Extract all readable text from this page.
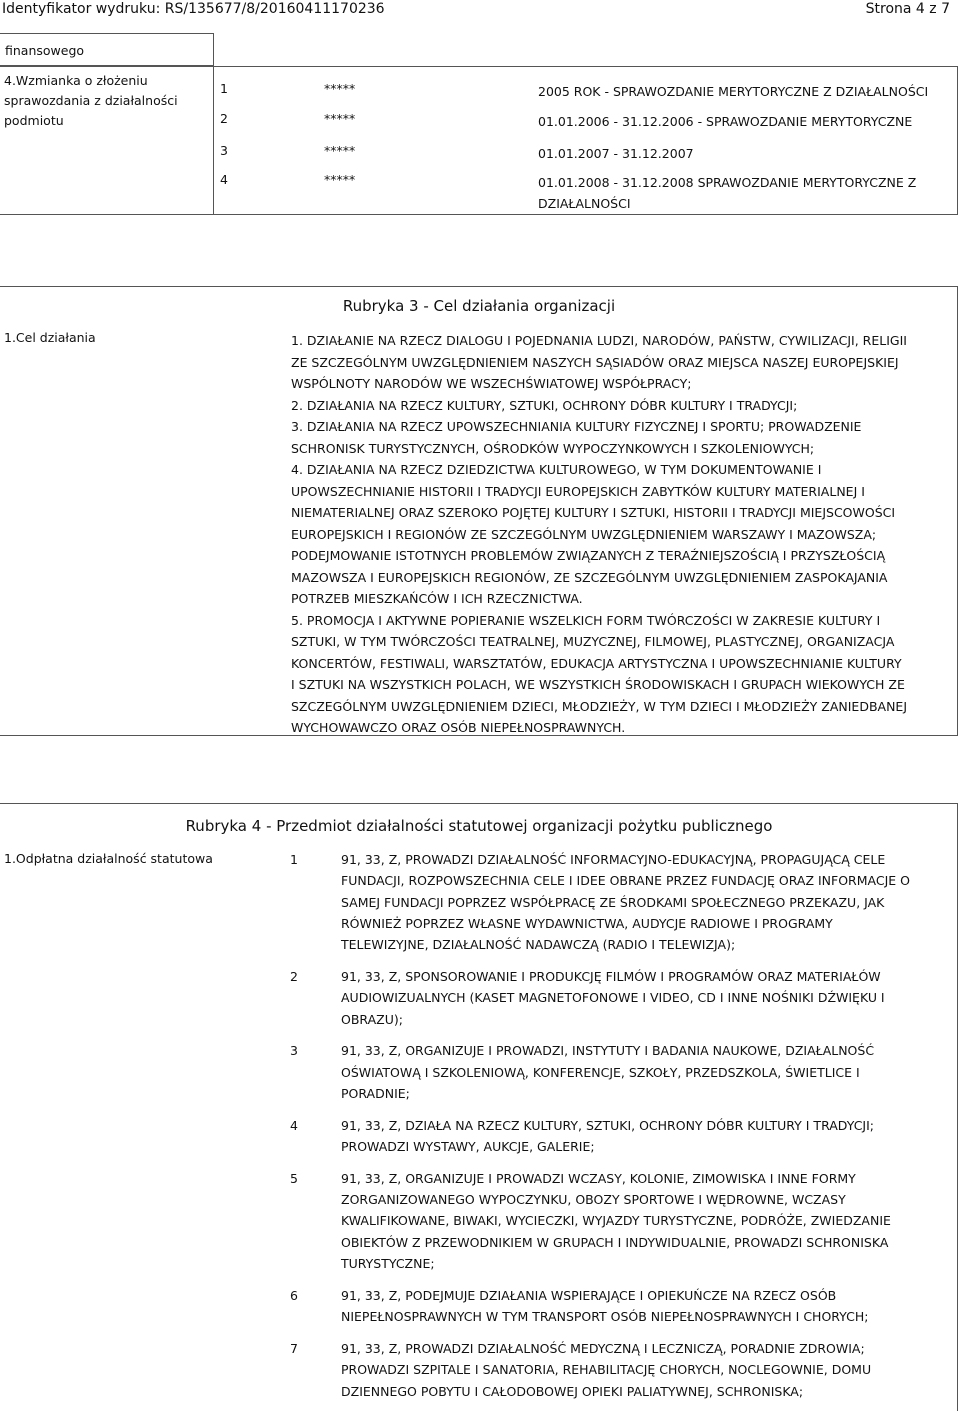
Identyfikator wydruku: RS/135677/8/20160411170236	Strona 4 z 7
finansowego
4.Wzmianka o złożeniu
sprawozdania z działalności
podmiotu
1	*****	2005 ROK - SPRAWOZDANIE MERYTORYCZNE Z DZIAŁALNOŚCI
2	*****	01.01.2006 - 31.12.2006 - SPRAWOZDANIE MERYTORYCZNE
3	*****	01.01.2007 - 31.12.2007
4	*****	01.01.2008 - 31.12.2008 SPRAWOZDANIE MERYTORYCZNE Z DZIAŁALNOŚCI
Rubryka 3 - Cel działania organizacji
1.Cel działania	1. DZIAŁANIE NA RZECZ DIALOGU I POJEDNANIA LUDZI, NARODÓW, PAŃSTW, CYWILIZACJI, RELIGII
ZE SZCZEGÓLNYM UWZGLĘDNIENIEM NASZYCH SĄSIADÓW ORAZ MIEJSCA NASZEJ EUROPEJSKIEJ
WSPÓLNOTY NARODÓW WE WSZECHŚWIATOWEJ WSPÓŁPRACY;
2. DZIAŁANIA NA RZECZ KULTURY, SZTUKI, OCHRONY DÓBR KULTURY I TRADYCJI;
3. DZIAŁANIA NA RZECZ UPOWSZECHNIANIA KULTURY FIZYCZNEJ I SPORTU; PROWADZENIE
SCHRONISK TURYSTYCZNYCH, OŚRODKÓW WYPOCZYNKOWYCH I SZKOLENIOWYCH;
4. DZIAŁANIA NA RZECZ DZIEDZICTWA KULTUROWEGO, W TYM DOKUMENTOWANIE I
UPOWSZECHNIANIE HISTORII I TRADYCJI EUROPEJSKICH ZABYTKÓW KULTURY MATERIALNEJ I
NIEMATERIALNEJ ORAZ SZEROKO POJĘTEJ KULTURY I SZTUKI, HISTORII I TRADYCJI MIEJSCOWOŚCI
EUROPEJSKICH I REGIONÓW ZE SZCZEGÓLNYM UWZGLĘDNIENIEM WARSZAWY I MAZOWSZA;
PODEJMOWANIE ISTOTNYCH PROBLEMÓW ZWIĄZANYCH Z TERAŹNIEJSZOŚCIĄ I PRZYSZŁOŚCIĄ
MAZOWSZA I EUROPEJSKICH REGIONÓW, ZE SZCZEGÓLNYM UWZGLĘDNIENIEM ZASPOKAJANIA
POTRZEB MIESZKAŃCÓW I ICH RZECZNICTWA.
5. PROMOCJA I AKTYWNE POPIERANIE WSZELKICH FORM TWÓRCZOŚCI W ZAKRESIE KULTURY I
SZTUKI, W TYM TWÓRCZOŚCI TEATRALNEJ, MUZYCZNEJ, FILMOWEJ, PLASTYCZNEJ, ORGANIZACJA
KONCERTÓW, FESTIWALI, WARSZTATÓW, EDUKACJA ARTYSTYCZNA I UPOWSZECHNIANIE KULTURY
I SZTUKI NA WSZYSTKICH POLACH, WE WSZYSTKICH ŚRODOWISKACH I GRUPACH WIEKOWYCH ZE
SZCZEGÓLNYM UWZGLĘDNIENIEM DZIECI, MŁODZIEŻY, W TYM DZIECI I MŁODZIEŻY ZANIEDBANEJ
WYCHOWAWCZO ORAZ OSÓB NIEPEŁNOSPRAWNYCH.
Rubryka 4 - Przedmiot działalności statutowej organizacji pożytku publicznego
1.Odpłatna działalność statutowa	1	91, 33, Z, PROWADZI DZIAŁALNOŚĆ INFORMACYJNO-EDUKACYJNĄ, PROPAGUJĄCĄ CELE
FUNDACJI, ROZPOWSZECHNIA CELE I IDEE OBRANE PRZEZ FUNDACJĘ ORAZ INFORMACJE O
SAMEJ FUNDACJI POPRZEZ WSPÓŁPRACĘ ZE ŚRODKAMI SPOŁECZNEGO PRZEKAZU, JAK
RÓWNIEŻ POPRZEZ WŁASNE WYDAWNICTWA, AUDYCJE RADIOWE I PROGRAMY
TELEWIZYJNE, DZIAŁALNOŚĆ NADAWCZĄ (RADIO I TELEWIZJA);
2	91, 33, Z, SPONSOROWANIE I PRODUKCJĘ FILMÓW I PROGRAMÓW ORAZ MATERIAŁÓW
AUDIOWIZUALNYCH (KASET MAGNETOFONOWE I VIDEO, CD I INNE NOŚNIKI DŹWIĘKU I
OBRAZU);
3	91, 33, Z, ORGANIZUJE I PROWADZI, INSTYTUTY I BADANIA NAUKOWE, DZIAŁALNOŚĆ
OŚWIATOWĄ I SZKOLENIOWĄ, KONFERENCJE, SZKOŁY, PRZEDSZKOLA, ŚWIETLICE I
PORADNIE;
4	91, 33, Z, DZIAŁA NA RZECZ KULTURY, SZTUKI, OCHRONY DÓBR KULTURY I TRADYCJI;
PROWADZI WYSTAWY, AUKCJE, GALERIE;
5	91, 33, Z, ORGANIZUJE I PROWADZI WCZASY, KOLONIE, ZIMOWISKA I INNE FORMY
ZORGANIZOWANEGO WYPOCZYNKU, OBOZY SPORTOWE I WĘDROWNE, WCZASY
KWALIFIKOWANE, BIWAKI, WYCIECZKI, WYJAZDY TURYSTYCZNE, PODRÓŻE, ZWIEDZANIE
OBIEKTÓW Z PRZEWODNIKIEM W GRUPACH I INDYWIDUALNIE, PROWADZI SCHRONISKA
TURYSTYCZNE;
6	91, 33, Z, PODEJMUJE DZIAŁANIA WSPIERAJĄCE I OPIEKUŃCZE NA RZECZ OSÓB
NIEPEŁNOSPRAWNYCH W TYM TRANSPORT OSÓB NIEPEŁNOSPRAWNYCH I CHORYCH;
7	91, 33, Z, PROWADZI DZIAŁALNOŚĆ MEDYCZNĄ I LECZNICZĄ, PORADNIE ZDROWIA;
PROWADZI SZPITALE I SANATORIA, REHABILITACJĘ CHORYCH, NOCLEGOWNIE, DOMU
DZIENNEGO POBYTU I CAŁODOBOWEJ OPIEKI PALIATYWNEJ, SCHRONISKA;
